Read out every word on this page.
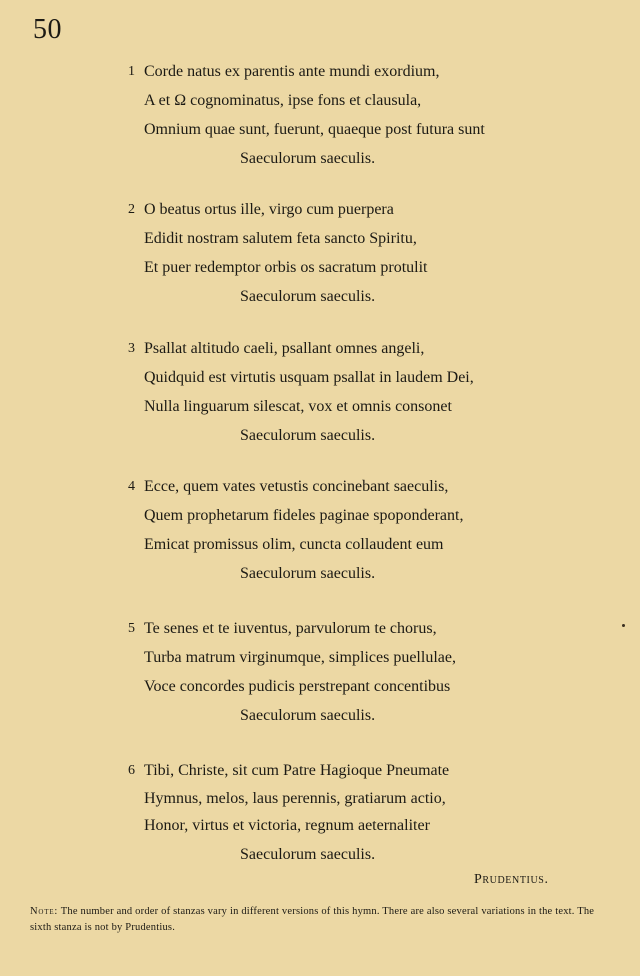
50
1 Corde natus ex parentis ante mundi exordium,
A et Ω cognominatus, ipse fons et clausula,
Omnium quae sunt, fuerunt, quaeque post futura sunt
Saeculorum saeculis.
2 O beatus ortus ille, virgo cum puerpera
Edidit nostram salutem feta sancto Spiritu,
Et puer redemptor orbis os sacratum protulit
Saeculorum saeculis.
3 Psallat altitudo caeli, psallant omnes angeli,
Quidquid est virtutis usquam psallat in laudem Dei,
Nulla linguarum silescat, vox et omnis consonet
Saeculorum saeculis.
4 Ecce, quem vates vetustis concinebant saeculis,
Quem prophetarum fideles paginae spoponderant,
Emicat promissus olim, cuncta collaudent eum
Saeculorum saeculis.
5 Te senes et te iuventus, parvulorum te chorus,
Turba matrum virginumque, simplices puellulae,
Voce concordes pudicis perstrepant concentibus
Saeculorum saeculis.
6 Tibi, Christe, sit cum Patre Hagioque Pneumate
Hymnus, melos, laus perennis, gratiarum actio,
Honor, virtus et victoria, regnum aeternaliter
Saeculorum saeculis.
Prudentius.
Note: The number and order of stanzas vary in different versions of this hymn. There are also several variations in the text. The sixth stanza is not by Prudentius.
